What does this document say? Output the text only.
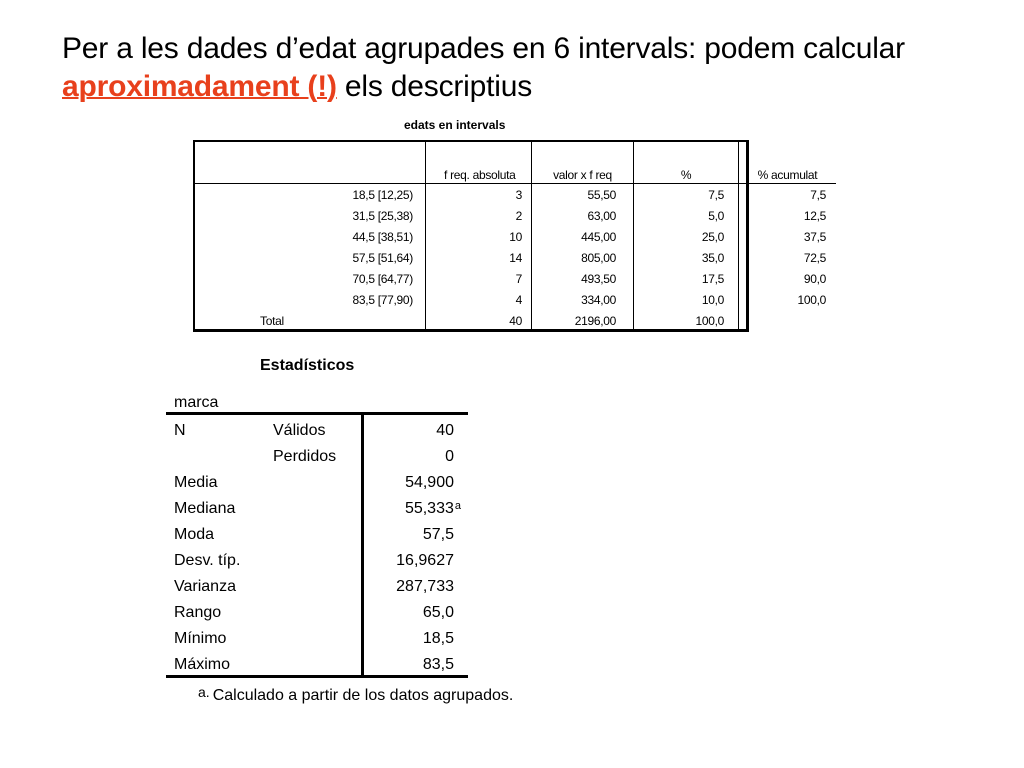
Per a les dades d’edat agrupades en 6 intervals: podem calcular aproximadament (!) els descriptius
edats en intervals
	f req. absoluta	valor x f req	%	% acumulat
18,5 [12,25)	3	55,50	7,5	7,5
31,5 [25,38)	2	63,00	5,0	12,5
44,5 [38,51)	10	445,00	25,0	37,5
57,5 [51,64)	14	805,00	35,0	72,5
70,5 [64,77)	7	493,50	17,5	90,0
83,5 [77,90)	4	334,00	10,0	100,0
Total	40	2196,00	100,0	
Estadísticos
marca
N	Válidos	40
Perdidos	0
Media	54,900
Mediana	55,333$^a$
Moda	57,5
Desv. típ.	16,9627
Varianza	287,733
Rango	65,0
Mínimo	18,5
Máximo	83,5
a. Calculado a partir de los datos agrupados.
